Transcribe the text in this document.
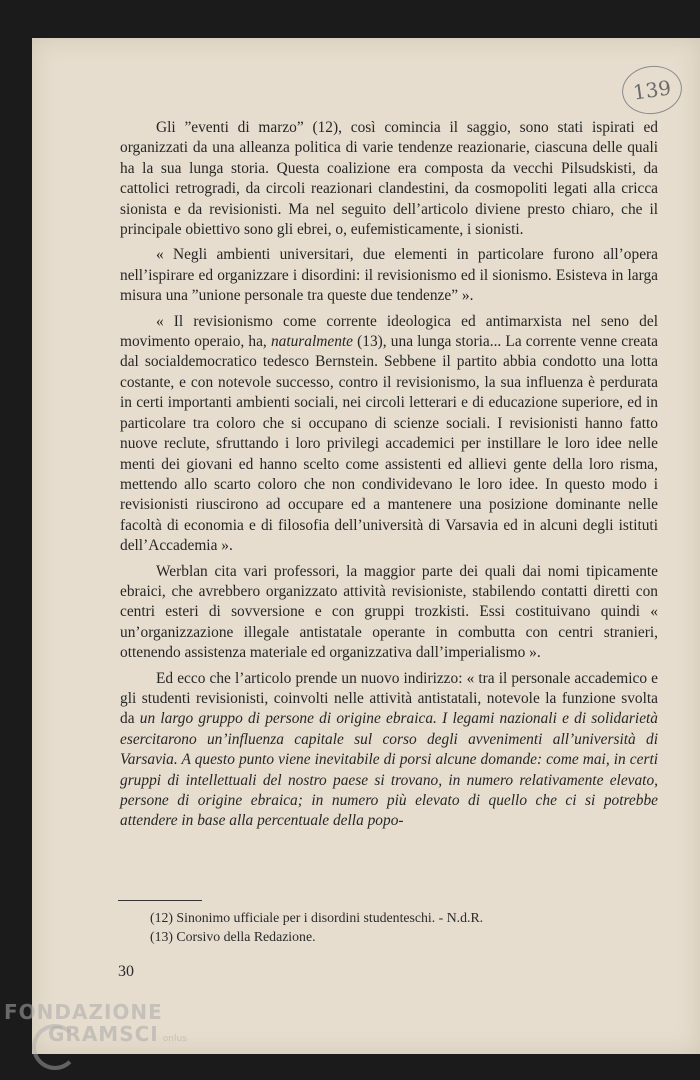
139

Gli ”eventi di marzo” (12), così comincia il saggio, sono stati ispirati ed organizzati da una alleanza politica di varie tendenze reazionarie, ciascuna delle quali ha la sua lunga storia. Questa coalizione era composta da vecchi Pilsudskisti, da cattolici retrogradi, da circoli reazionari clandestini, da cosmopoliti legati alla cricca sionista e da revisionisti. Ma nel seguito dell’articolo diviene presto chiaro, che il principale obiettivo sono gli ebrei, o, eufemisticamente, i sionisti.

« Negli ambienti universitari, due elementi in particolare furono all’opera nell’ispirare ed organizzare i disordini: il revisionismo ed il sionismo. Esisteva in larga misura una ”unione personale tra queste due tendenze” ».

« Il revisionismo come corrente ideologica ed antimarxista nel seno del movimento operaio, ha, naturalmente (13), una lunga storia... La corrente venne creata dal socialdemocratico tedesco Bernstein. Sebbene il partito abbia condotto una lotta costante, e con notevole successo, contro il revisionismo, la sua influenza è perdurata in certi importanti ambienti sociali, nei circoli letterari e di educazione superiore, ed in particolare tra coloro che si occupano di scienze sociali. I revisionisti hanno fatto nuove reclute, sfruttando i loro privilegi accademici per instillare le loro idee nelle menti dei giovani ed hanno scelto come assistenti ed allievi gente della loro risma, mettendo allo scarto coloro che non condividevano le loro idee. In questo modo i revisionisti riuscirono ad occupare ed a mantenere una posizione dominante nelle facoltà di economia e di filosofia dell’università di Varsavia ed in alcuni degli istituti dell’Accademia ».

Werblan cita vari professori, la maggior parte dei quali dai nomi tipicamente ebraici, che avrebbero organizzato attività revisioniste, stabilendo contatti diretti con centri esteri di sovversione e con gruppi trozkisti. Essi costituivano quindi « un’organizzazione illegale antistatale operante in combutta con centri stranieri, ottenendo assistenza materiale ed organizzativa dall’imperialismo ».

Ed ecco che l’articolo prende un nuovo indirizzo: « tra il personale accademico e gli studenti revisionisti, coinvolti nelle attività antistatali, notevole la funzione svolta da un largo gruppo di persone di origine ebraica. I legami nazionali e di solidarietà esercitarono un’influenza capitale sul corso degli avvenimenti all’università di Varsavia. A questo punto viene inevitabile di porsi alcune domande: come mai, in certi gruppi di intellettuali del nostro paese si trovano, in numero relativamente elevato, persone di origine ebraica; in numero più elevato di quello che ci si potrebbe attendere in base alla percentuale della popo-

(12) Sinonimo ufficiale per i disordini studenteschi. - N.d.R.
(13) Corsivo della Redazione.
30
FONDAZIONE
GRAMSCI onlus
